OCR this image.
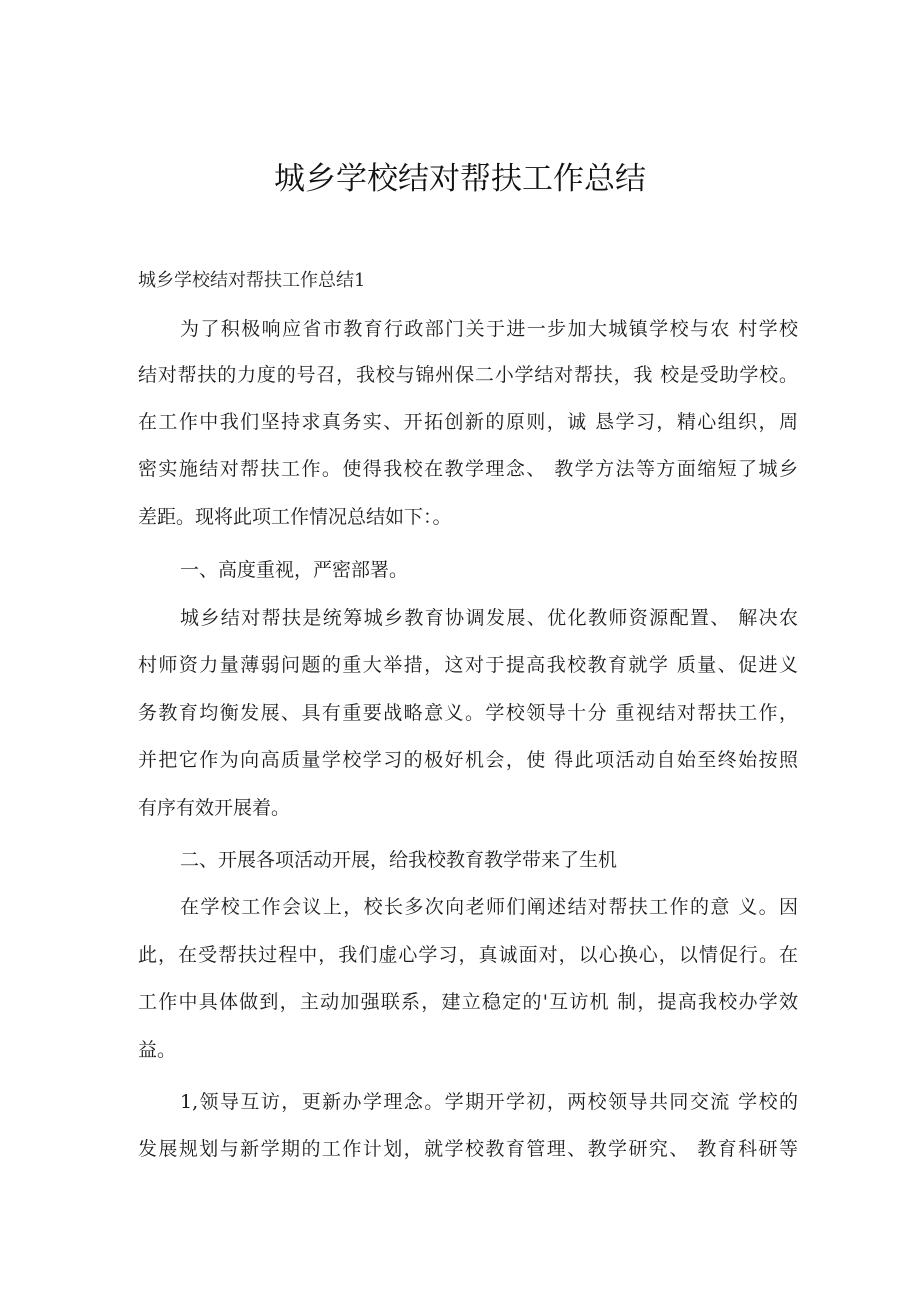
城乡学校结对帮扶工作总结
城乡学校结对帮扶工作总结1
为了积极响应省市教育行政部门关于进一步加大城镇学校与农 村学校
结对帮扶的力度的号召，我校与锦州保二小学结对帮扶，我 校是受助学校。
在工作中我们坚持求真务实、开拓创新的原则，诚 恳学习，精心组织，周
密实施结对帮扶工作。使得我校在教学理念、 教学方法等方面缩短了城乡
差距。现将此项工作情况总结如下：。
一、高度重视，严密部署。
城乡结对帮扶是统筹城乡教育协调发展、优化教师资源配置、 解决农
村师资力量薄弱问题的重大举措，这对于提高我校教育就学 质量、促进义
务教育均衡发展、具有重要战略意义。学校领导十分 重视结对帮扶工作，
并把它作为向高质量学校学习的极好机会，使 得此项活动自始至终始按照
有序有效开展着。
二、开展各项活动开展，给我校教育教学带来了生机
在学校工作会议上，校长多次向老师们阐述结对帮扶工作的意 义。因
此，在受帮扶过程中，我们虚心学习，真诚面对，以心换心，以情促行。在
工作中具体做到，主动加强联系，建立稳定的'互访机 制，提高我校办学效
益。
1,领导互访，更新办学理念。学期开学初，两校领导共同交流 学校的
发展规划与新学期的工作计划，就学校教育管理、教学研究、 教育科研等
